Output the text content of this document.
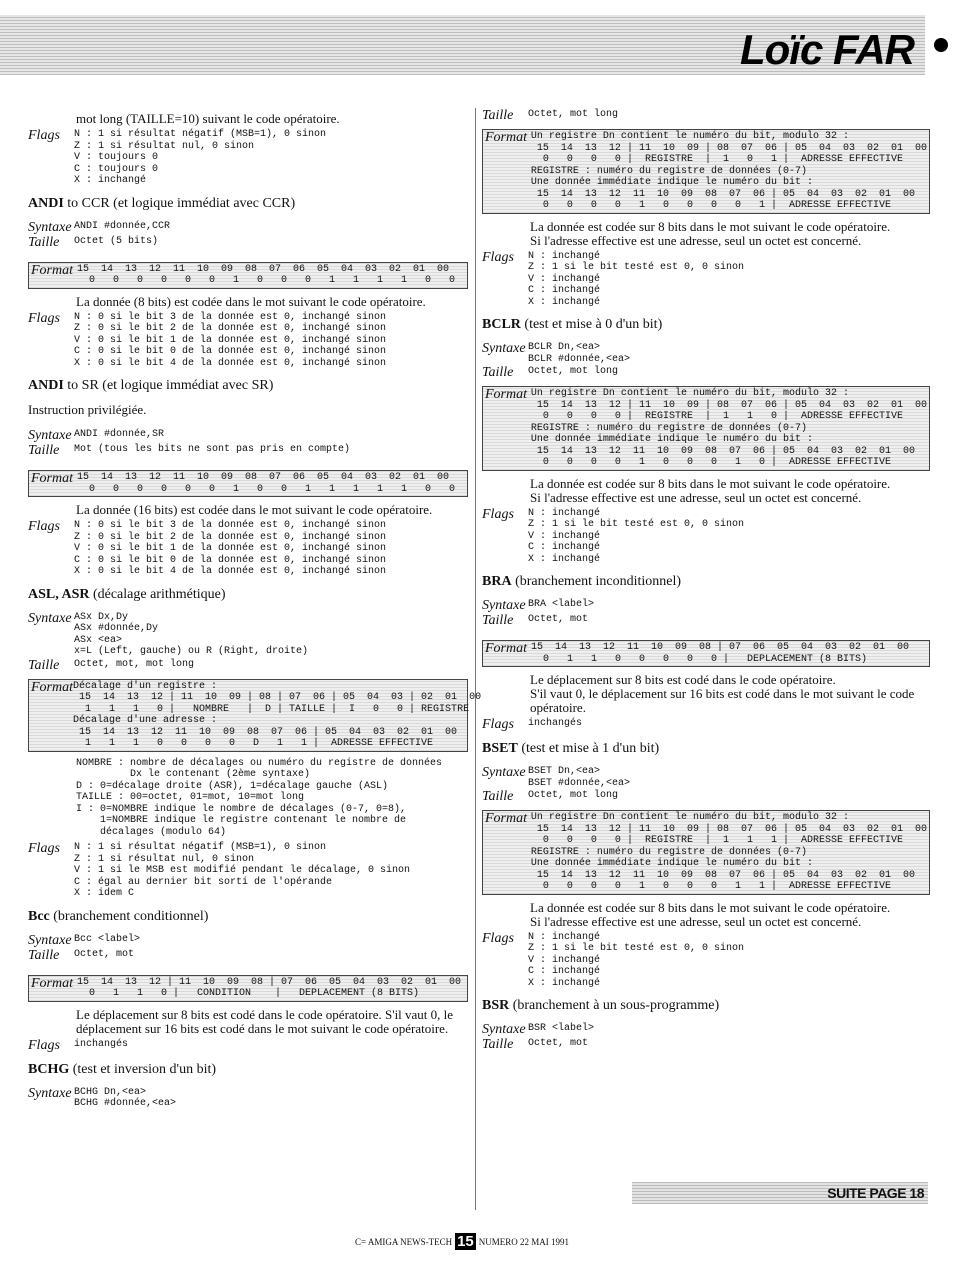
Loïc FAR
mot long (TAILLE=10) suivant le code opératoire.
Flags	N : 1 si résultat négatif (MSB=1), 0 sinon
Z : 1 si résultat nul, 0 sinon
V : toujours 0
C : toujours 0
X : inchangé
ANDI to CCR (et logique immédiat avec CCR)
Syntaxe ANDI #donnée,CCR
Taille	Octet (5 bits)
Format 15  14  13  12  11  10  09  08  07  06  05  04  03  02  01  00
0   0   0   0   0   0   1   0   0   0   1   1   1   1   0   0
La donnée (8 bits) est codée dans le mot suivant le code opératoire.
Flags	N : 0 si le bit 3 de la donnée est 0, inchangé sinon
Z : 0 si le bit 2 de la donnée est 0, inchangé sinon
V : 0 si le bit 1 de la donnée est 0, inchangé sinon
C : 0 si le bit 0 de la donnée est 0, inchangé sinon
X : 0 si le bit 4 de la donnée est 0, inchangé sinon
ANDI to SR (et logique immédiat avec SR)
Instruction privilégiée.
Syntaxe ANDI #donnée,SR
Taille	Mot (tous les bits ne sont pas pris en compte)
Format 15  14  13  12  11  10  09  08  07  06  05  04  03  02  01  00
0   0   0   0   0   0   1   0   0   1   1   1   1   1   0   0
La donnée (16 bits) est codée dans le mot suivant le code opératoire.
Flags	N : 0 si le bit 3 de la donnée est 0, inchangé sinon
Z : 0 si le bit 2 de la donnée est 0, inchangé sinon
V : 0 si le bit 1 de la donnée est 0, inchangé sinon
C : 0 si le bit 0 de la donnée est 0, inchangé sinon
X : 0 si le bit 4 de la donnée est 0, inchangé sinon
ASL, ASR (décalage arithmétique)
Syntaxe ASx Dx,Dy
ASx #donnée,Dy
ASx <ea>
x=L (Left, gauche) ou R (Right, droite)
Taille	Octet, mot, mot long
Format Décalage d'un registre :
15  14  13  12 | 11  10  09 | 08 | 07  06 | 05  04  03 | 02  01  00
1   1   1   0 |   NOMBRE   |  D | TAILLE |  I   0   0 | REGISTRE
Décalage d'une adresse :
15  14  13  12  11  10  09  08  07  06 | 05  04  03  02  01  00
1   1   1   0   0   0   0   D   1   1 |  ADRESSE EFFECTIVE
NOMBRE : nombre de décalages ou numéro du registre de données
Dx le contenant (2ème syntaxe)
D : 0=décalage droite (ASR), 1=décalage gauche (ASL)
TAILLE : 00=octet, 01=mot, 10=mot long
I : 0=NOMBRE indique le nombre de décalages (0-7, 0=8),
1=NOMBRE indique le registre contenant le nombre de
décalages (modulo 64)
Flags	N : 1 si résultat négatif (MSB=1), 0 sinon
Z : 1 si résultat nul, 0 sinon
V : 1 si le MSB est modifié pendant le décalage, 0 sinon
C : égal au dernier bit sorti de l'opérande
X : idem C
Bcc (branchement conditionnel)
Syntaxe Bcc <label>
Taille	Octet, mot
Format 15  14  13  12 | 11  10  09  08 | 07  06  05  04  03  02  01  00
0   1   1   0 |   CONDITION    |   DEPLACEMENT (8 BITS)
Le déplacement sur 8 bits est codé dans le code opératoire. S'il vaut 0, le déplacement sur 16 bits est codé dans le mot suivant le code opératoire.
Flags	inchangés
BCHG (test et inversion d'un bit)
Syntaxe BCHG Dn,<ea>
BCHG #donnée,<ea>
Taille	Octet, mot long
Format Un registre Dn contient le numéro du bit, modulo 32 :
15  14  13  12 | 11  10  09 | 08  07  06 | 05  04  03  02  01  00
0   0   0   0 |  REGISTRE  |  1   0   1 |  ADRESSE EFFECTIVE
REGISTRE : numéro du registre de données (0-7)
Une donnée immédiate indique le numéro du bit :
15  14  13  12  11  10  09  08  07  06 | 05  04  03  02  01  00
0   0   0   0   1   0   0   0   0   1 |  ADRESSE EFFECTIVE
La donnée est codée sur 8 bits dans le mot suivant le code opératoire.
Si l'adresse effective est une adresse, seul un octet est concerné.
Flags	N : inchangé
Z : 1 si le bit testé est 0, 0 sinon
V : inchangé
C : inchangé
X : inchangé
BCLR (test et mise à 0 d'un bit)
Syntaxe BCLR Dn,<ea>
BCLR #donnée,<ea>
Taille	Octet, mot long
Format Un registre Dn contient le numéro du bit, modulo 32 :
15  14  13  12 | 11  10  09 | 08  07  06 | 05  04  03  02  01  00
0   0   0   0 |  REGISTRE  |  1   1   0 |  ADRESSE EFFECTIVE
REGISTRE : numéro du registre de données (0-7)
Une donnée immédiate indique le numéro du bit :
15  14  13  12  11  10  09  08  07  06 | 05  04  03  02  01  00
0   0   0   0   1   0   0   0   1   0 |  ADRESSE EFFECTIVE
La donnée est codée sur 8 bits dans le mot suivant le code opératoire.
Si l'adresse effective est une adresse, seul un octet est concerné.
Flags	N : inchangé
Z : 1 si le bit testé est 0, 0 sinon
V : inchangé
C : inchangé
X : inchangé
BRA (branchement inconditionnel)
Syntaxe BRA <label>
Taille	Octet, mot
Format 15  14  13  12  11  10  09  08 | 07  06  05  04  03  02  01  00
0   1   1   0   0   0   0   0 |   DEPLACEMENT (8 BITS)
Le déplacement sur 8 bits est codé dans le code opératoire.
S'il vaut 0, le déplacement sur 16 bits est codé dans le mot suivant le code opératoire.
Flags	inchangés
BSET (test et mise à 1 d'un bit)
Syntaxe BSET Dn,<ea>
BSET #donnée,<ea>
Taille	Octet, mot long
Format Un registre Dn contient le numéro du bit, modulo 32 :
15  14  13  12 | 11  10  09 | 08  07  06 | 05  04  03  02  01  00
0   0   0   0 |  REGISTRE  |  1   1   1 |  ADRESSE EFFECTIVE
REGISTRE : numéro du registre de données (0-7)
Une donnée immédiate indique le numéro du bit :
15  14  13  12  11  10  09  08  07  06 | 05  04  03  02  01  00
0   0   0   0   1   0   0   0   1   1 |  ADRESSE EFFECTIVE
La donnée est codée sur 8 bits dans le mot suivant le code opératoire.
Si l'adresse effective est une adresse, seul un octet est concerné.
Flags	N : inchangé
Z : 1 si le bit testé est 0, 0 sinon
V : inchangé
C : inchangé
X : inchangé
BSR (branchement à un sous-programme)
Syntaxe BSR <label>
Taille	Octet, mot
SUITE PAGE 18
C= AMIGA NEWS-TECH 15 NUMERO 22 MAI 1991
